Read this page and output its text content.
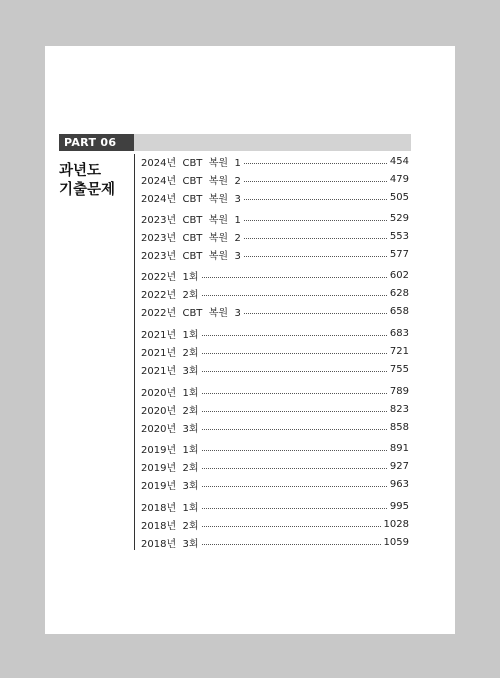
PART 06
과년도
기출문제
2024년  CBT  복원  1	454
2024년  CBT  복원  2	479
2024년  CBT  복원  3	505
2023년  CBT  복원  1	529
2023년  CBT  복원  2	553
2023년  CBT  복원  3	577
2022년  1회	602
2022년  2회	628
2022년  CBT  복원  3	658
2021년  1회	683
2021년  2회	721
2021년  3회	755
2020년  1회	789
2020년  2회	823
2020년  3회	858
2019년  1회	891
2019년  2회	927
2019년  3회	963
2018년  1회	995
2018년  2회	1028
2018년  3회	1059
